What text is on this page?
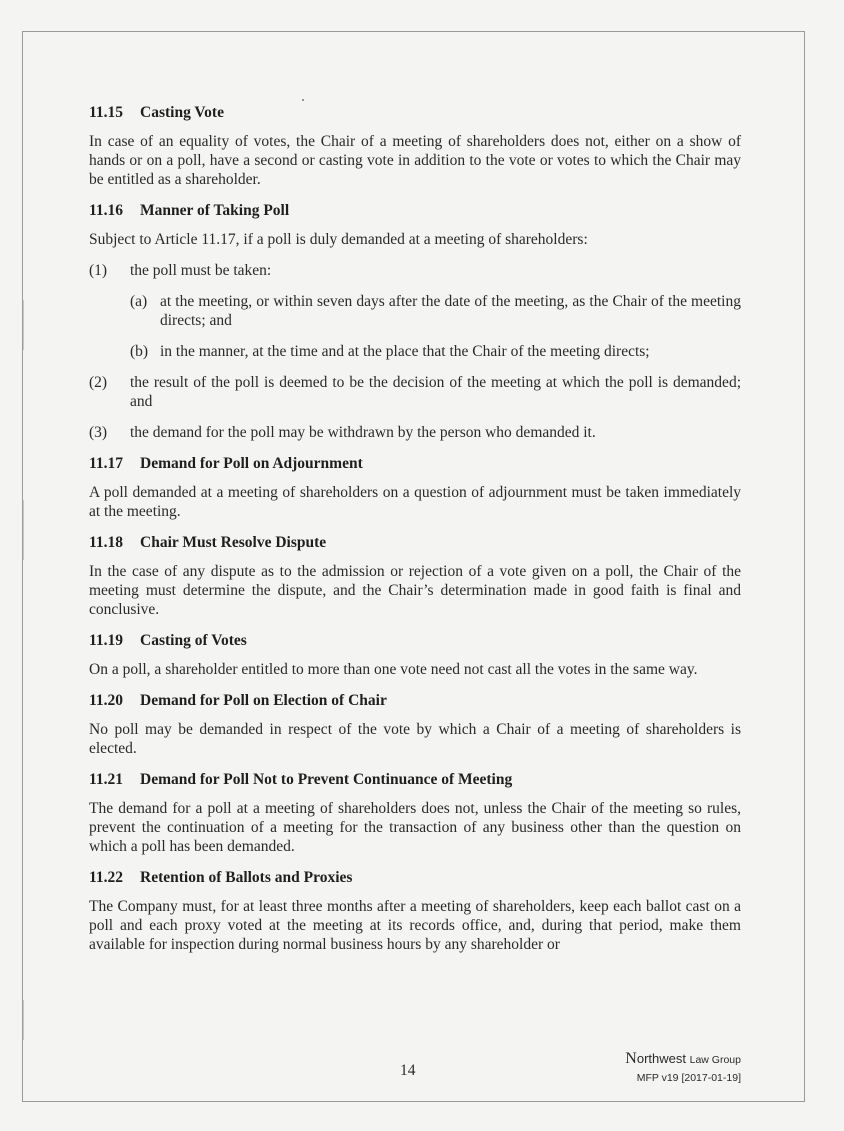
11.15 Casting Vote
In case of an equality of votes, the Chair of a meeting of shareholders does not, either on a show of hands or on a poll, have a second or casting vote in addition to the vote or votes to which the Chair may be entitled as a shareholder.
11.16 Manner of Taking Poll
Subject to Article 11.17, if a poll is duly demanded at a meeting of shareholders:
(1)	the poll must be taken:
(a) at the meeting, or within seven days after the date of the meeting, as the Chair of the meeting directs; and
(b) in the manner, at the time and at the place that the Chair of the meeting directs;
(2)	the result of the poll is deemed to be the decision of the meeting at which the poll is demanded; and
(3)	the demand for the poll may be withdrawn by the person who demanded it.
11.17 Demand for Poll on Adjournment
A poll demanded at a meeting of shareholders on a question of adjournment must be taken immediately at the meeting.
11.18 Chair Must Resolve Dispute
In the case of any dispute as to the admission or rejection of a vote given on a poll, the Chair of the meeting must determine the dispute, and the Chair’s determination made in good faith is final and conclusive.
11.19 Casting of Votes
On a poll, a shareholder entitled to more than one vote need not cast all the votes in the same way.
11.20 Demand for Poll on Election of Chair
No poll may be demanded in respect of the vote by which a Chair of a meeting of shareholders is elected.
11.21 Demand for Poll Not to Prevent Continuance of Meeting
The demand for a poll at a meeting of shareholders does not, unless the Chair of the meeting so rules, prevent the continuation of a meeting for the transaction of any business other than the question on which a poll has been demanded.
11.22 Retention of Ballots and Proxies
The Company must, for at least three months after a meeting of shareholders, keep each ballot cast on a poll and each proxy voted at the meeting at its records office, and, during that period, make them available for inspection during normal business hours by any shareholder or
14
Northwest Law Group
MFP v19 [2017-01-19]
